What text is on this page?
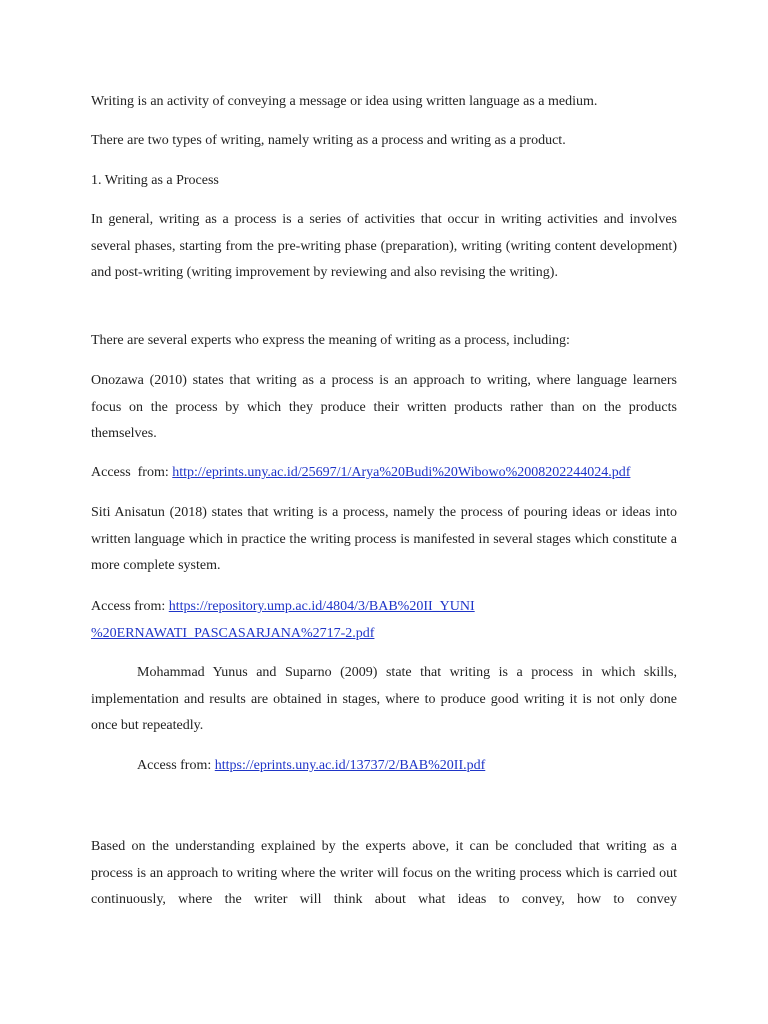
Writing is an activity of conveying a message or idea using written language as a medium.

There are two types of writing, namely writing as a process and writing as a product.

1. Writing as a Process

In general, writing as a process is a series of activities that occur in writing activities and involves several phases, starting from the pre-writing phase (preparation), writing (writing content development) and post-writing (writing improvement by reviewing and also revising the writing).

There are several experts who express the meaning of writing as a process, including:

Onozawa (2010) states that writing as a process is an approach to writing, where language learners focus on the process by which they produce their written products rather than on the products themselves.

Access  from: http://eprints.uny.ac.id/25697/1/Arya%20Budi%20Wibowo%2008202244024.pdf

Siti Anisatun (2018) states that writing is a process, namely the process of pouring ideas or ideas into written language which in practice the writing process is manifested in several stages which constitute a more complete system.

Access from: https://repository.ump.ac.id/4804/3/BAB%20II_YUNI %20ERNAWATI_PASCASARJANA%2717-2.pdf

Mohammad Yunus and Suparno (2009) state that writing is a process in which skills, implementation and results are obtained in stages, where to produce good writing it is not only done once but repeatedly.

Access from: https://eprints.uny.ac.id/13737/2/BAB%20II.pdf

Based on the understanding explained by the experts above, it can be concluded that writing as a process is an approach to writing where the writer will focus on the writing process which is carried out continuously, where the writer will think about what ideas to convey, how to convey
